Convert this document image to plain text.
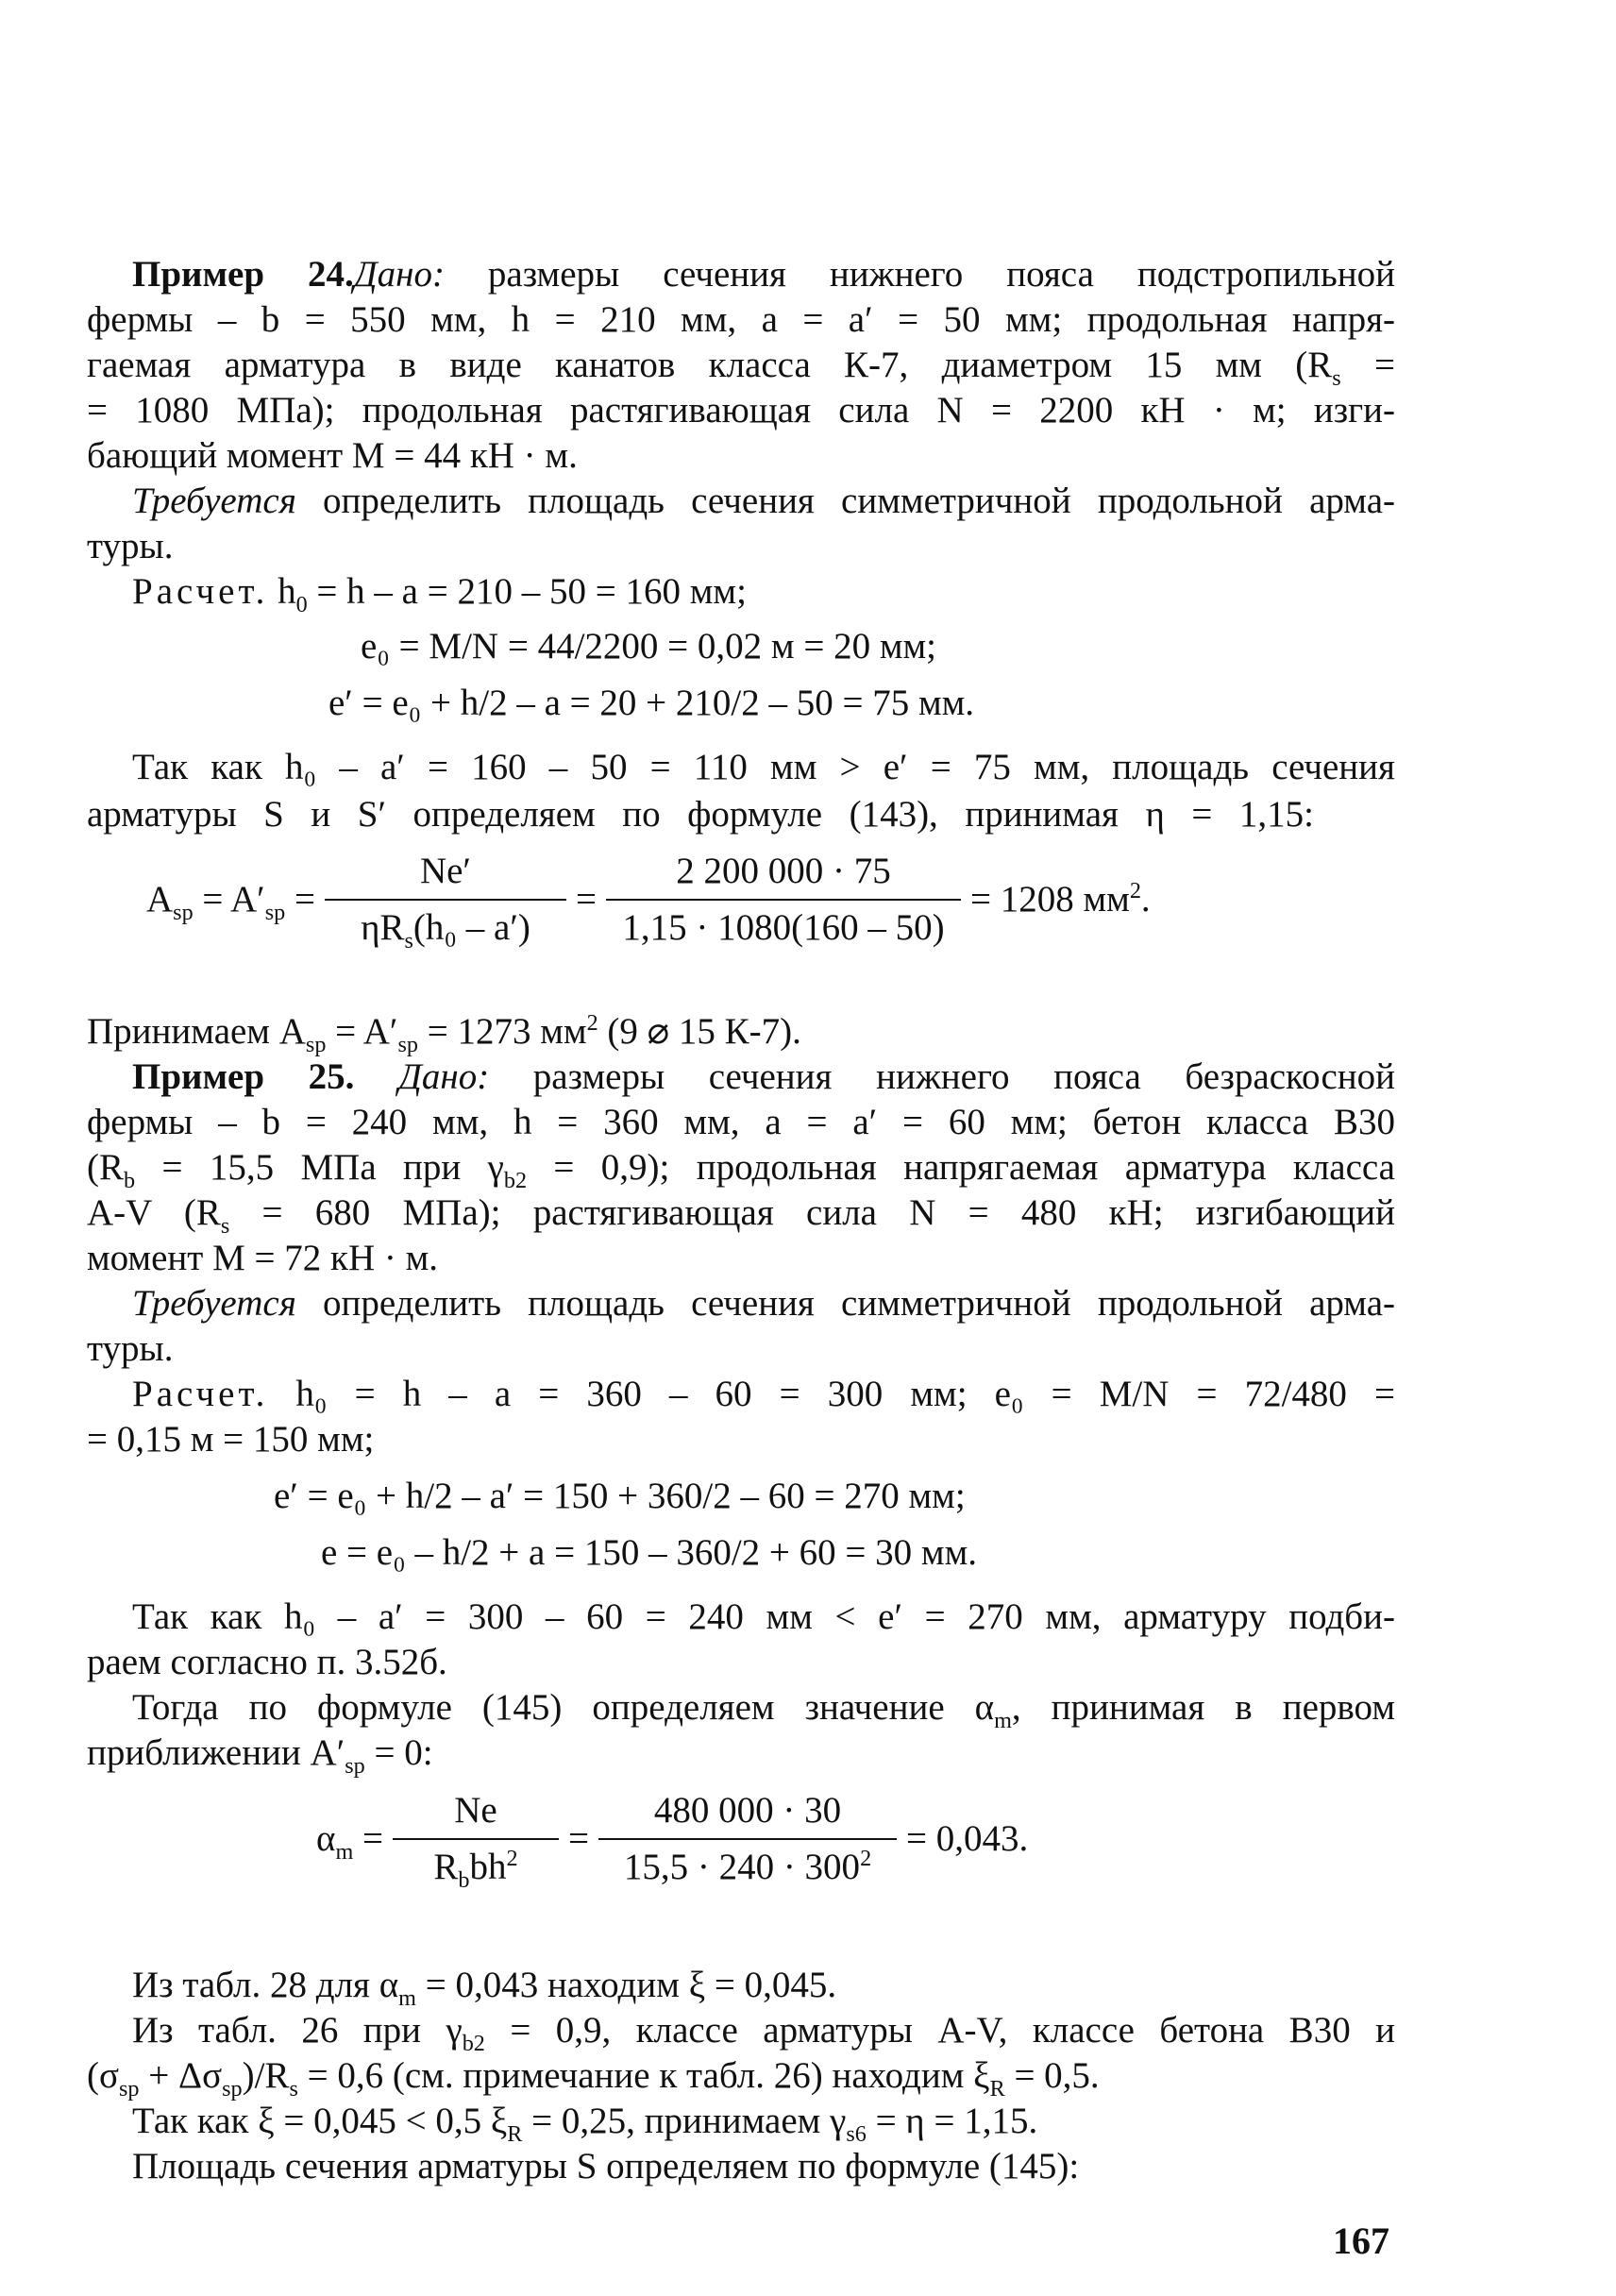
Пример 24.Дано: размеры сечения нижнего пояса подстропильной
фермы – b = 550 мм, h = 210 мм, a = a′ = 50 мм; продольная напря-
гаемая арматура в виде канатов класса К-7, диаметром 15 мм ($R_s$ =
= 1080 МПа); продольная растягивающая сила N = 2200 кН · м; изги-
бающий момент M = 44 кН · м.
Требуется определить площадь сечения симметричной продольной арма-
туры.
Расчет. $h_0 = h - a = 210 - 50 = 160$ мм;
e₀ = M/N = 44/2200 = 0,02 м = 20 мм;
e′ = e₀ + h/2 – a = 20 + 210/2 – 50 = 75 мм.
Так как h₀ – a′ = 160 – 50 = 110 мм > e′ = 75 мм, площадь сечения
арматуры S и S′ определяем по формуле (143), принимая η = 1,15:
$A_{sp} = A'_{sp} = \frac{Ne'}{\eta R_s(h_0 - a')} = \frac{2 200 000 \cdot 75}{1,15 \cdot 1080(160 - 50)} = 1208$ $мм^2$.
Принимаем $A_{sp} = A'_{sp} = 1273$ $мм^2$ (9 ⌀ 15 К-7).
Пример 25. Дано: размеры сечения нижнего пояса безраскосной
фермы – b = 240 мм, h = 360 мм, a = a′ = 60 мм; бетон класса В30
($R_b = 15,5$ МПа при $\gamma_{b2} = 0,9$); продольная напрягаемая арматура класса
A-V ($R_s = 680$ МПа); растягивающая сила N = 480 кН; изгибающий
момент M = 72 кН · м.
Требуется определить площадь сечения симметричной продольной арма-
туры.
Расчет. h₀ = h – a = 360 – 60 = 300 мм; e₀ = M/N = 72/480 =
= 0,15 м = 150 мм;
e′ = e₀ + h/2 – a′ = 150 + 360/2 – 60 = 270 мм;
e = e₀ – h/2 + a = 150 – 360/2 + 60 = 30 мм.
Так как h₀ – a′ = 300 – 60 = 240 мм < e′ = 270 мм, арматуру подби-
раем согласно п. 3.52б.
Тогда по формуле (145) определяем значение $\alpha_m$, принимая в первом
приближении $A'_{sp} = 0$:
$\alpha_m = \frac{Ne}{R_bbh^2} = \frac{480 000 \cdot 30}{15,5 \cdot 240 \cdot 300^2} = 0,043$.
Из табл. 28 для $\alpha_m = 0,043$ находим ξ = 0,045.
Из табл. 26 при $\gamma_{b2} = 0,9$, классе арматуры A-V, классе бетона В30 и
$(\sigma_{sp} + \Delta\sigma_{sp})/R_s = 0,6$ (см. примечание к табл. 26) находим $\xi_R = 0,5$.
Так как ξ = 0,045 < 0,5 $\xi_R = 0,25$, принимаем $\gamma_{s6} = \eta = 1,15$.
Площадь сечения арматуры S определяем по формуле (145):
167
